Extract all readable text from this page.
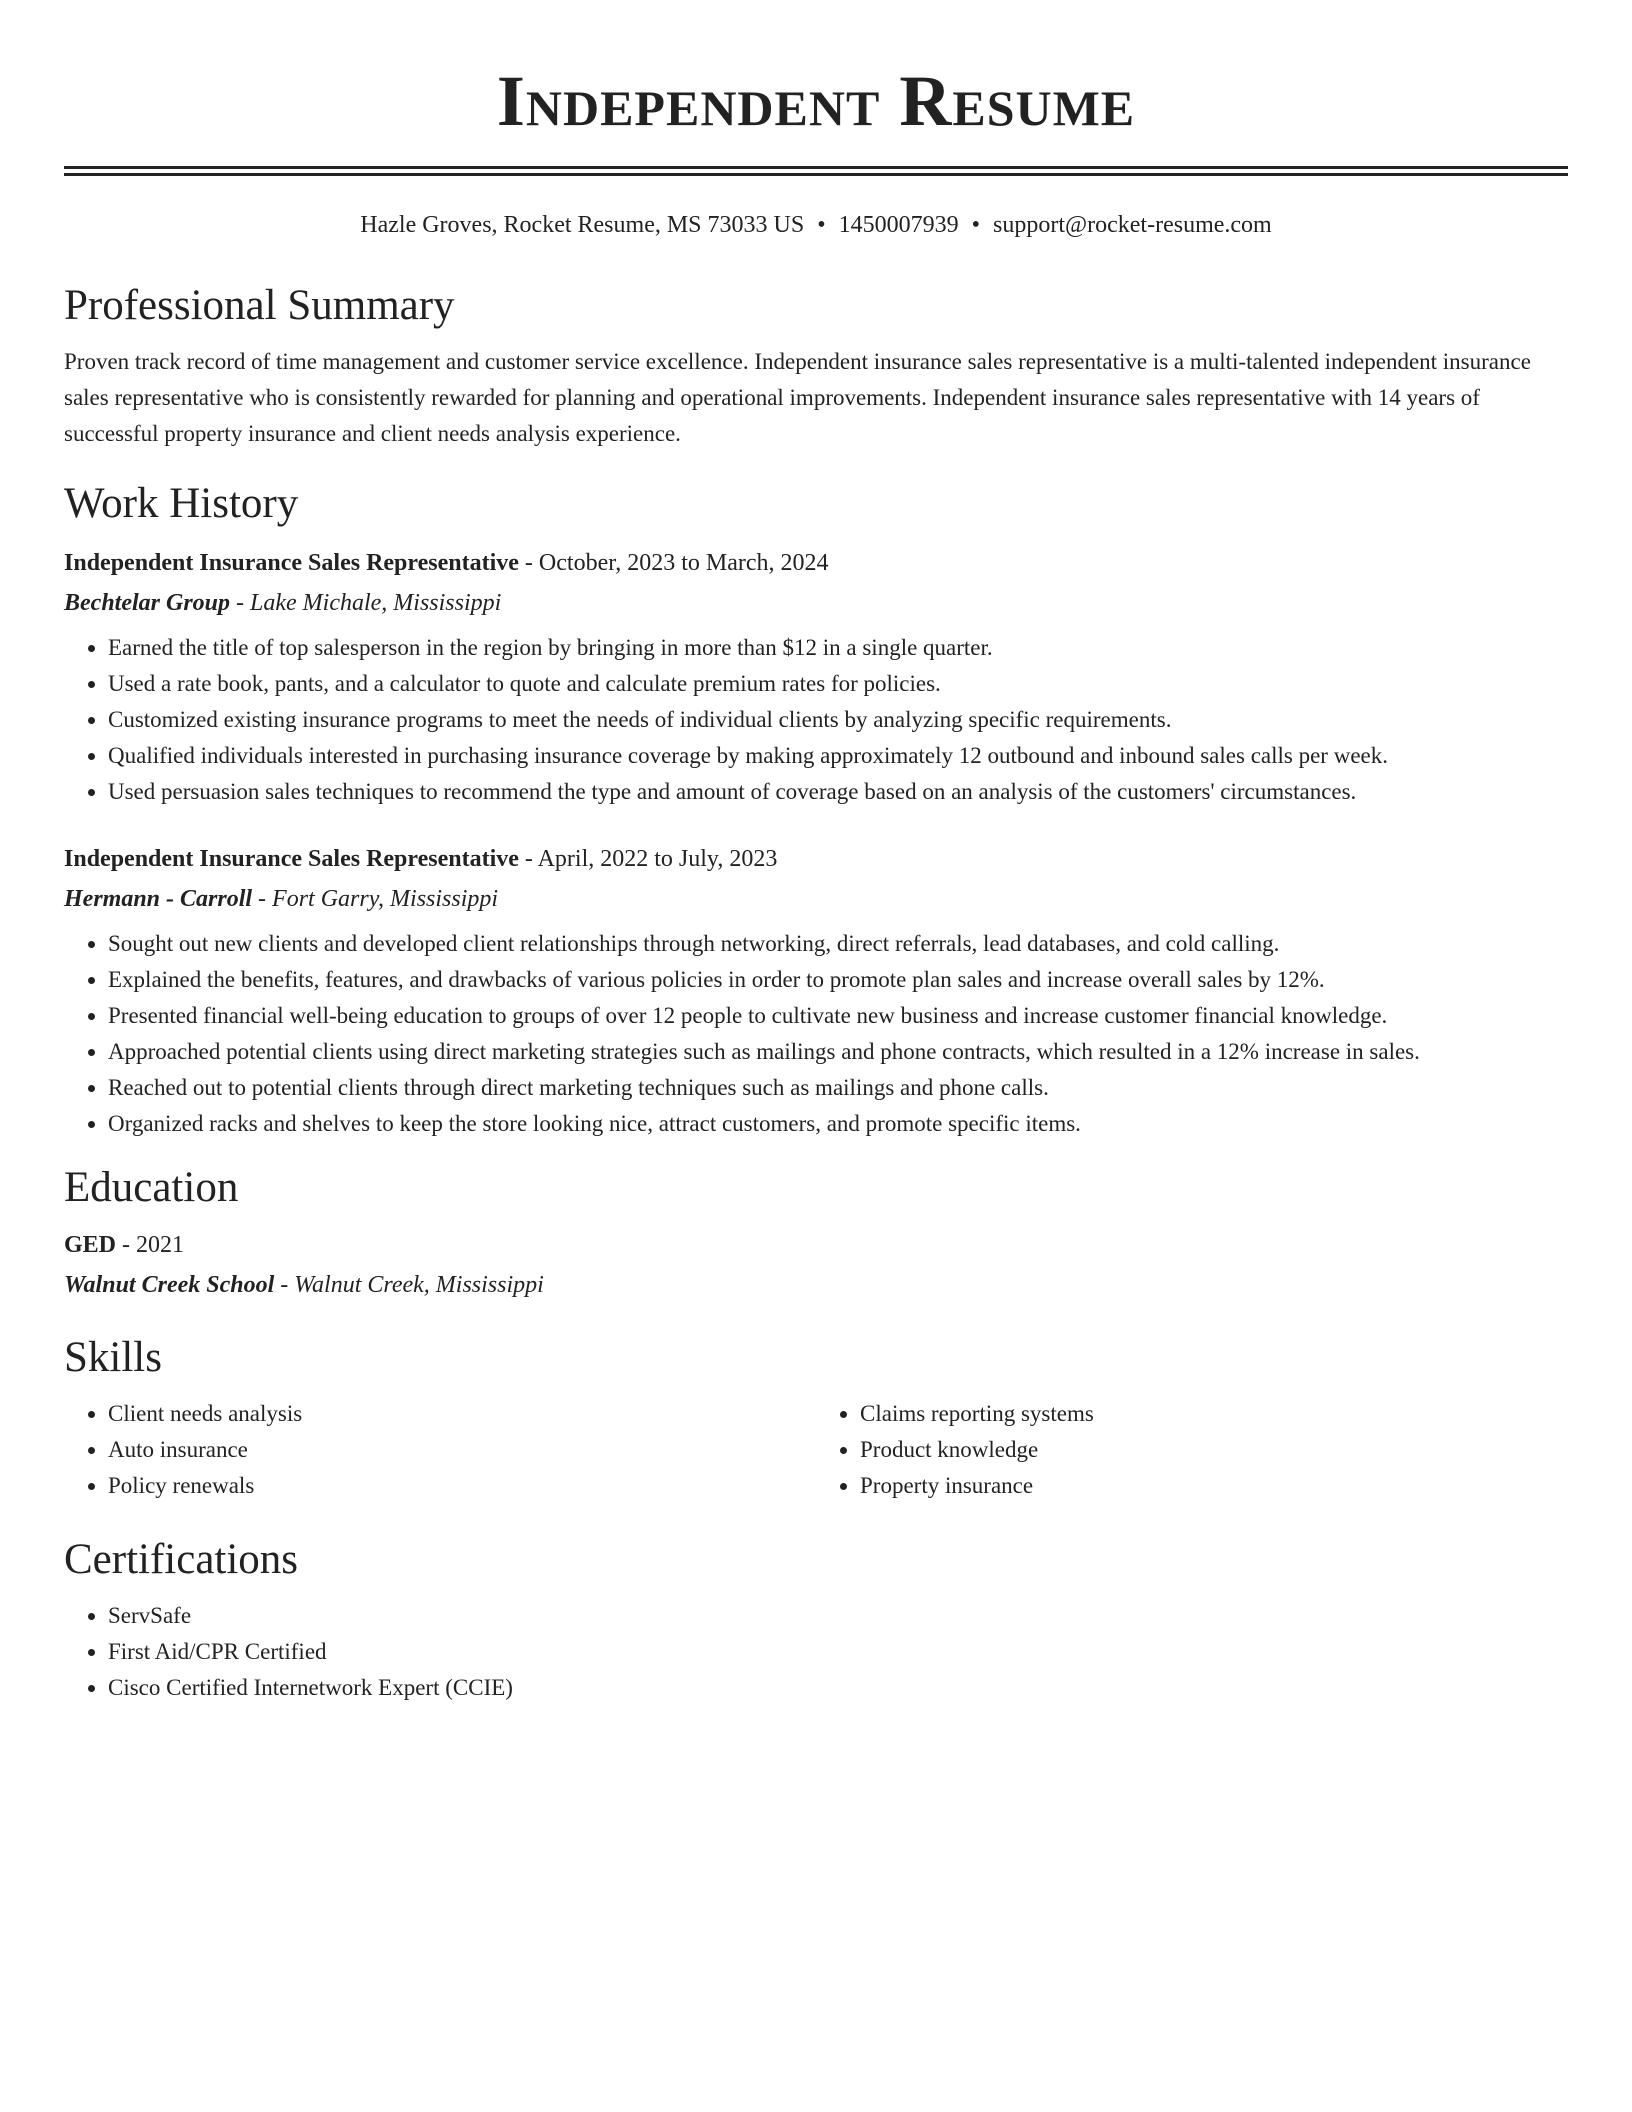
Independent Resume
Hazle Groves, Rocket Resume, MS 73033 US • 1450007939 • support@rocket-resume.com
Professional Summary

Proven track record of time management and customer service excellence. Independent insurance sales representative is a multi-talented independent insurance sales representative who is consistently rewarded for planning and operational improvements. Independent insurance sales representative with 14 years of successful property insurance and client needs analysis experience.

Work History

Independent Insurance Sales Representative - October, 2023 to March, 2024

Bechtelar Group - Lake Michale, Mississippi

• Earned the title of top salesperson in the region by bringing in more than $12 in a single quarter.
• Used a rate book, pants, and a calculator to quote and calculate premium rates for policies.
• Customized existing insurance programs to meet the needs of individual clients by analyzing specific requirements.
• Qualified individuals interested in purchasing insurance coverage by making approximately 12 outbound and inbound sales calls per week.
• Used persuasion sales techniques to recommend the type and amount of coverage based on an analysis of the customers' circumstances.

Independent Insurance Sales Representative - April, 2022 to July, 2023

Hermann - Carroll - Fort Garry, Mississippi

• Sought out new clients and developed client relationships through networking, direct referrals, lead databases, and cold calling.
• Explained the benefits, features, and drawbacks of various policies in order to promote plan sales and increase overall sales by 12%.
• Presented financial well-being education to groups of over 12 people to cultivate new business and increase customer financial knowledge.
• Approached potential clients using direct marketing strategies such as mailings and phone contracts, which resulted in a 12% increase in sales.
• Reached out to potential clients through direct marketing techniques such as mailings and phone calls.
• Organized racks and shelves to keep the store looking nice, attract customers, and promote specific items.
Education

GED - 2021

Walnut Creek School - Walnut Creek, Mississippi

Skills
• Client needs analysis
• Auto insurance
• Policy renewals
• Claims reporting systems
• Product knowledge
• Property insurance
Certifications
• ServSafe
• First Aid/CPR Certified
• Cisco Certified Internetwork Expert (CCIE)
